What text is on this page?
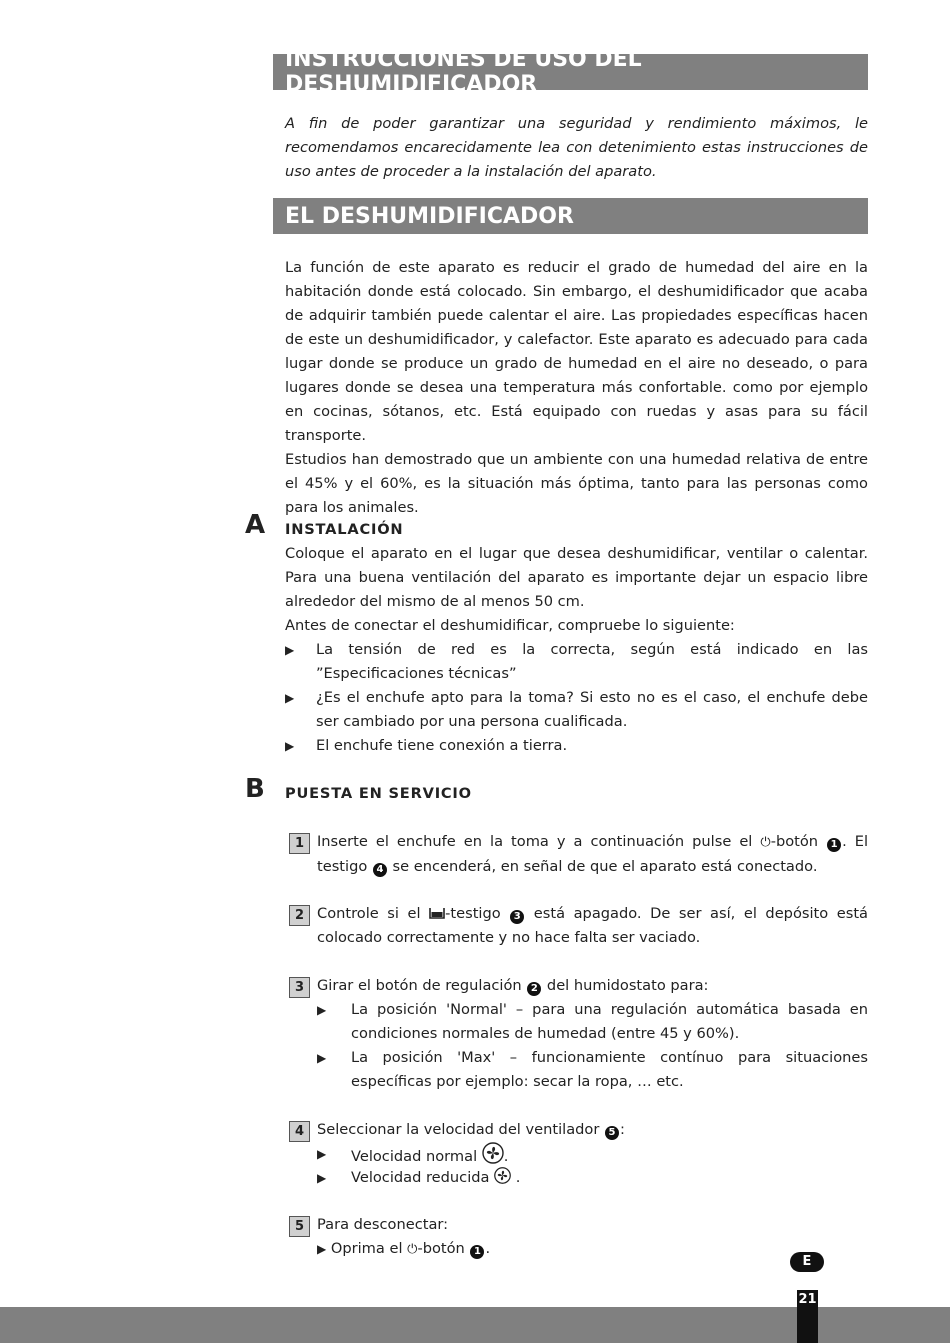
INSTRUCCIONES DE USO DEL DESHUMIDIFICADOR

A fin de poder garantizar una seguridad y rendimiento máximos, le recomendamos encarecidamente lea con detenimiento estas instrucciones de uso antes de proceder a la instalación del aparato.

EL DESHUMIDIFICADOR
La función de este aparato es reducir el grado de humedad del aire en la habitación donde está colocado. Sin embargo, el deshumidificador que acaba de adquirir también puede calentar el aire. Las propiedades específicas hacen de este un deshumidificador, y calefactor. Este aparato es adecuado para cada lugar donde se produce un grado de humedad en el aire no deseado, o para lugares donde se desea una temperatura más confortable. como por ejemplo en cocinas, sótanos, etc. Está equipado con ruedas y asas para su fácil transporte.
Estudios han demostrado que un ambiente con una humedad relativa de entre el 45% y el 60%, es la situación más óptima, tanto para las personas como para los animales.
A INSTALACIÓN
Coloque el aparato en el lugar que desea deshumidificar, ventilar o calentar. Para una buena ventilación del aparato es importante dejar un espacio libre alrededor del mismo de al menos 50 cm.
Antes de conectar el deshumidificar, compruebe lo siguiente:
▶ La tensión de red es la correcta, según está indicado en las ”Especificaciones técnicas”
▶ ¿Es el enchufe apto para la toma? Si esto no es el caso, el enchufe debe ser cambiado por una persona cualificada.
▶ El enchufe tiene conexión a tierra.
B PUESTA EN SERVICIO
1 Inserte el enchufe en la toma y a continuación pulse el ⏻-botón 1 . El testigo 4 se encenderá, en señal de que el aparato está conectado.
2 Controle si el -testigo 3 está apagado. De ser así, el depósito está colocado correctamente y no hace falta ser vaciado.
3 Girar el botón de regulación 2 del humidostato para:
▶ La posición 'Normal' – para una regulación automática basada en condiciones normales de humedad (entre 45 y 60%).
▶ La posición 'Max' – funcionamiente contínuo para situaciones específicas por ejemplo: secar la ropa, … etc.
4 Seleccionar la velocidad del ventilador 5 :
▶ Velocidad normal .
▶ Velocidad reducida  .
5 Para desconectar:
▶ Oprima el ⏻-botón 1 .
E
21
